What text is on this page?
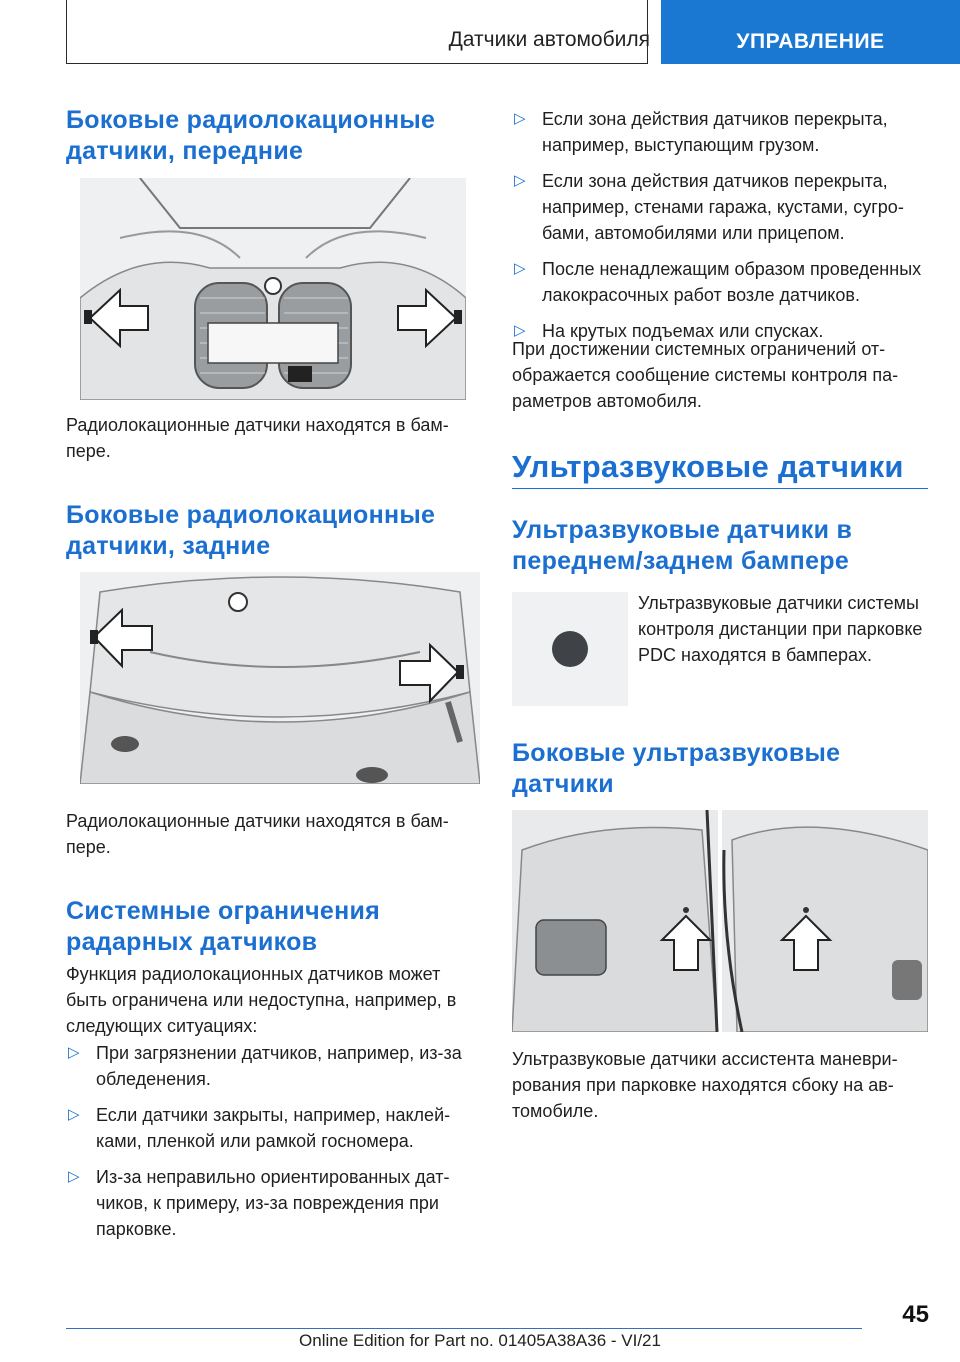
Датчики автомобиля	УПРАВЛЕНИЕ
Боковые радиолокационные датчики, передние
Радиолокационные датчики находятся в бампере.
Боковые радиолокационные датчики, задние
Радиолокационные датчики находятся в бампере.
Системные ограничения радарных датчиков
Функция радиолокационных датчиков может быть ограничена или недоступна, например, в следующих ситуациях:
▷ При загрязнении датчиков, например, из-за обледенения.
▷ Если датчики закрыты, например, наклейками, пленкой или рамкой госномера.
▷ Из-за неправильно ориентированных датчиков, к примеру, из-за повреждения при парковке.
▷ Если зона действия датчиков перекрыта, например, выступающим грузом.
▷ Если зона действия датчиков перекрыта, например, стенами гаража, кустами, сугробами, автомобилями или прицепом.
▷ После ненадлежащим образом проведенных лакокрасочных работ возле датчиков.
▷ На крутых подъемах или спусках.
При достижении системных ограничений отображается сообщение системы контроля параметров автомобиля.
Ультразвуковые датчики
Ультразвуковые датчики в переднем/заднем бампере
Ультразвуковые датчики системы контроля дистанции при парковке PDC находятся в бамперах.
Боковые ультразвуковые датчики
Ультразвуковые датчики ассистента маневрирования при парковке находятся сбоку на автомобиле.
45
Online Edition for Part no. 01405A38A36 - VI/21
